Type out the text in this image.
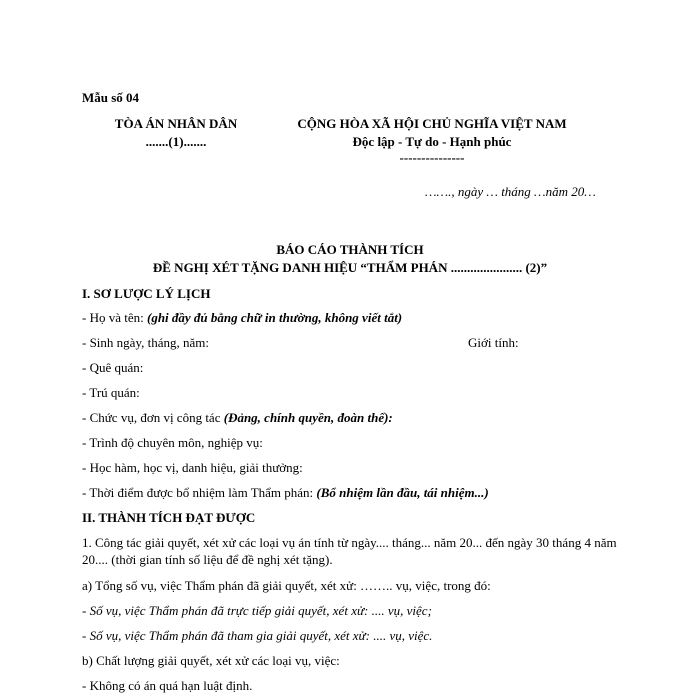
Mẫu số 04
TÒA ÁN NHÂN DÂN
.......(1).......
CỘNG HÒA XÃ HỘI CHỦ NGHĨA VIỆT NAM
Độc lập - Tự do - Hạnh phúc
---------------
……., ngày … tháng …năm 20…
BÁO CÁO THÀNH TÍCH
ĐỀ NGHỊ XÉT TẶNG DANH HIỆU “THẨM PHÁN ...................... (2)”
I. SƠ LƯỢC LÝ LỊCH
- Họ và tên: (ghi đầy đủ bằng chữ in thường, không viết tắt)
- Sinh ngày, tháng, năm:	Giới tính:
- Quê quán:
- Trú quán:
- Chức vụ, đơn vị công tác (Đảng, chính quyền, đoàn thể):
- Trình độ chuyên môn, nghiệp vụ:
- Học hàm, học vị, danh hiệu, giải thưởng:
- Thời điểm được bổ nhiệm làm Thẩm phán: (Bổ nhiệm lần đầu, tái nhiệm...)
II. THÀNH TÍCH ĐẠT ĐƯỢC
1. Công tác giải quyết, xét xử các loại vụ án tính từ ngày.... tháng... năm 20... đến ngày 30 tháng 4 năm 20.... (thời gian tính số liệu để đề nghị xét tặng).
a) Tổng số vụ, việc Thẩm phán đã giải quyết, xét xử: …….. vụ, việc, trong đó:
- Số vụ, việc Thẩm phán đã trực tiếp giải quyết, xét xử: .... vụ, việc;
- Số vụ, việc Thẩm phán đã tham gia giải quyết, xét xử: .... vụ, việc.
b) Chất lượng giải quyết, xét xử các loại vụ, việc:
- Không có án quá hạn luật định.
